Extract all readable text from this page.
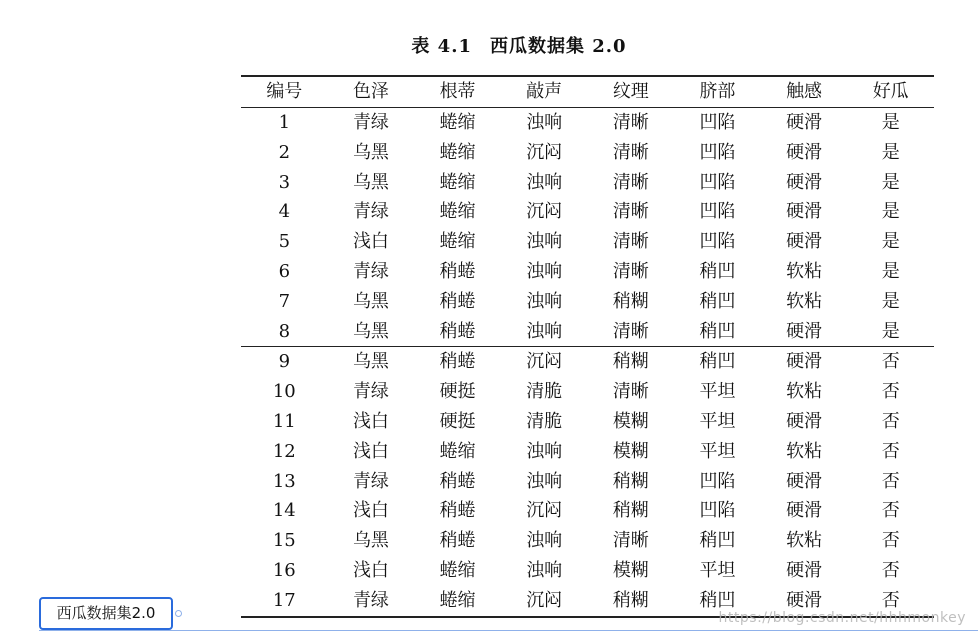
表 4.1 西瓜数据集 2.0
编号	色泽	根蒂	敲声	纹理	脐部	触感	好瓜
1	青绿	蜷缩	浊响	清晰	凹陷	硬滑	是
2	乌黑	蜷缩	沉闷	清晰	凹陷	硬滑	是
3	乌黑	蜷缩	浊响	清晰	凹陷	硬滑	是
4	青绿	蜷缩	沉闷	清晰	凹陷	硬滑	是
5	浅白	蜷缩	浊响	清晰	凹陷	硬滑	是
6	青绿	稍蜷	浊响	清晰	稍凹	软粘	是
7	乌黑	稍蜷	浊响	稍糊	稍凹	软粘	是
8	乌黑	稍蜷	浊响	清晰	稍凹	硬滑	是
9	乌黑	稍蜷	沉闷	稍糊	稍凹	硬滑	否
10	青绿	硬挺	清脆	清晰	平坦	软粘	否
11	浅白	硬挺	清脆	模糊	平坦	硬滑	否
12	浅白	蜷缩	浊响	模糊	平坦	软粘	否
13	青绿	稍蜷	浊响	稍糊	凹陷	硬滑	否
14	浅白	稍蜷	沉闷	稍糊	凹陷	硬滑	否
15	乌黑	稍蜷	浊响	清晰	稍凹	软粘	否
16	浅白	蜷缩	浊响	模糊	平坦	硬滑	否
17	青绿	蜷缩	沉闷	稍糊	稍凹	硬滑	否
西瓜数据集2.0	https://blog.csdn.net/hhhmonkey
